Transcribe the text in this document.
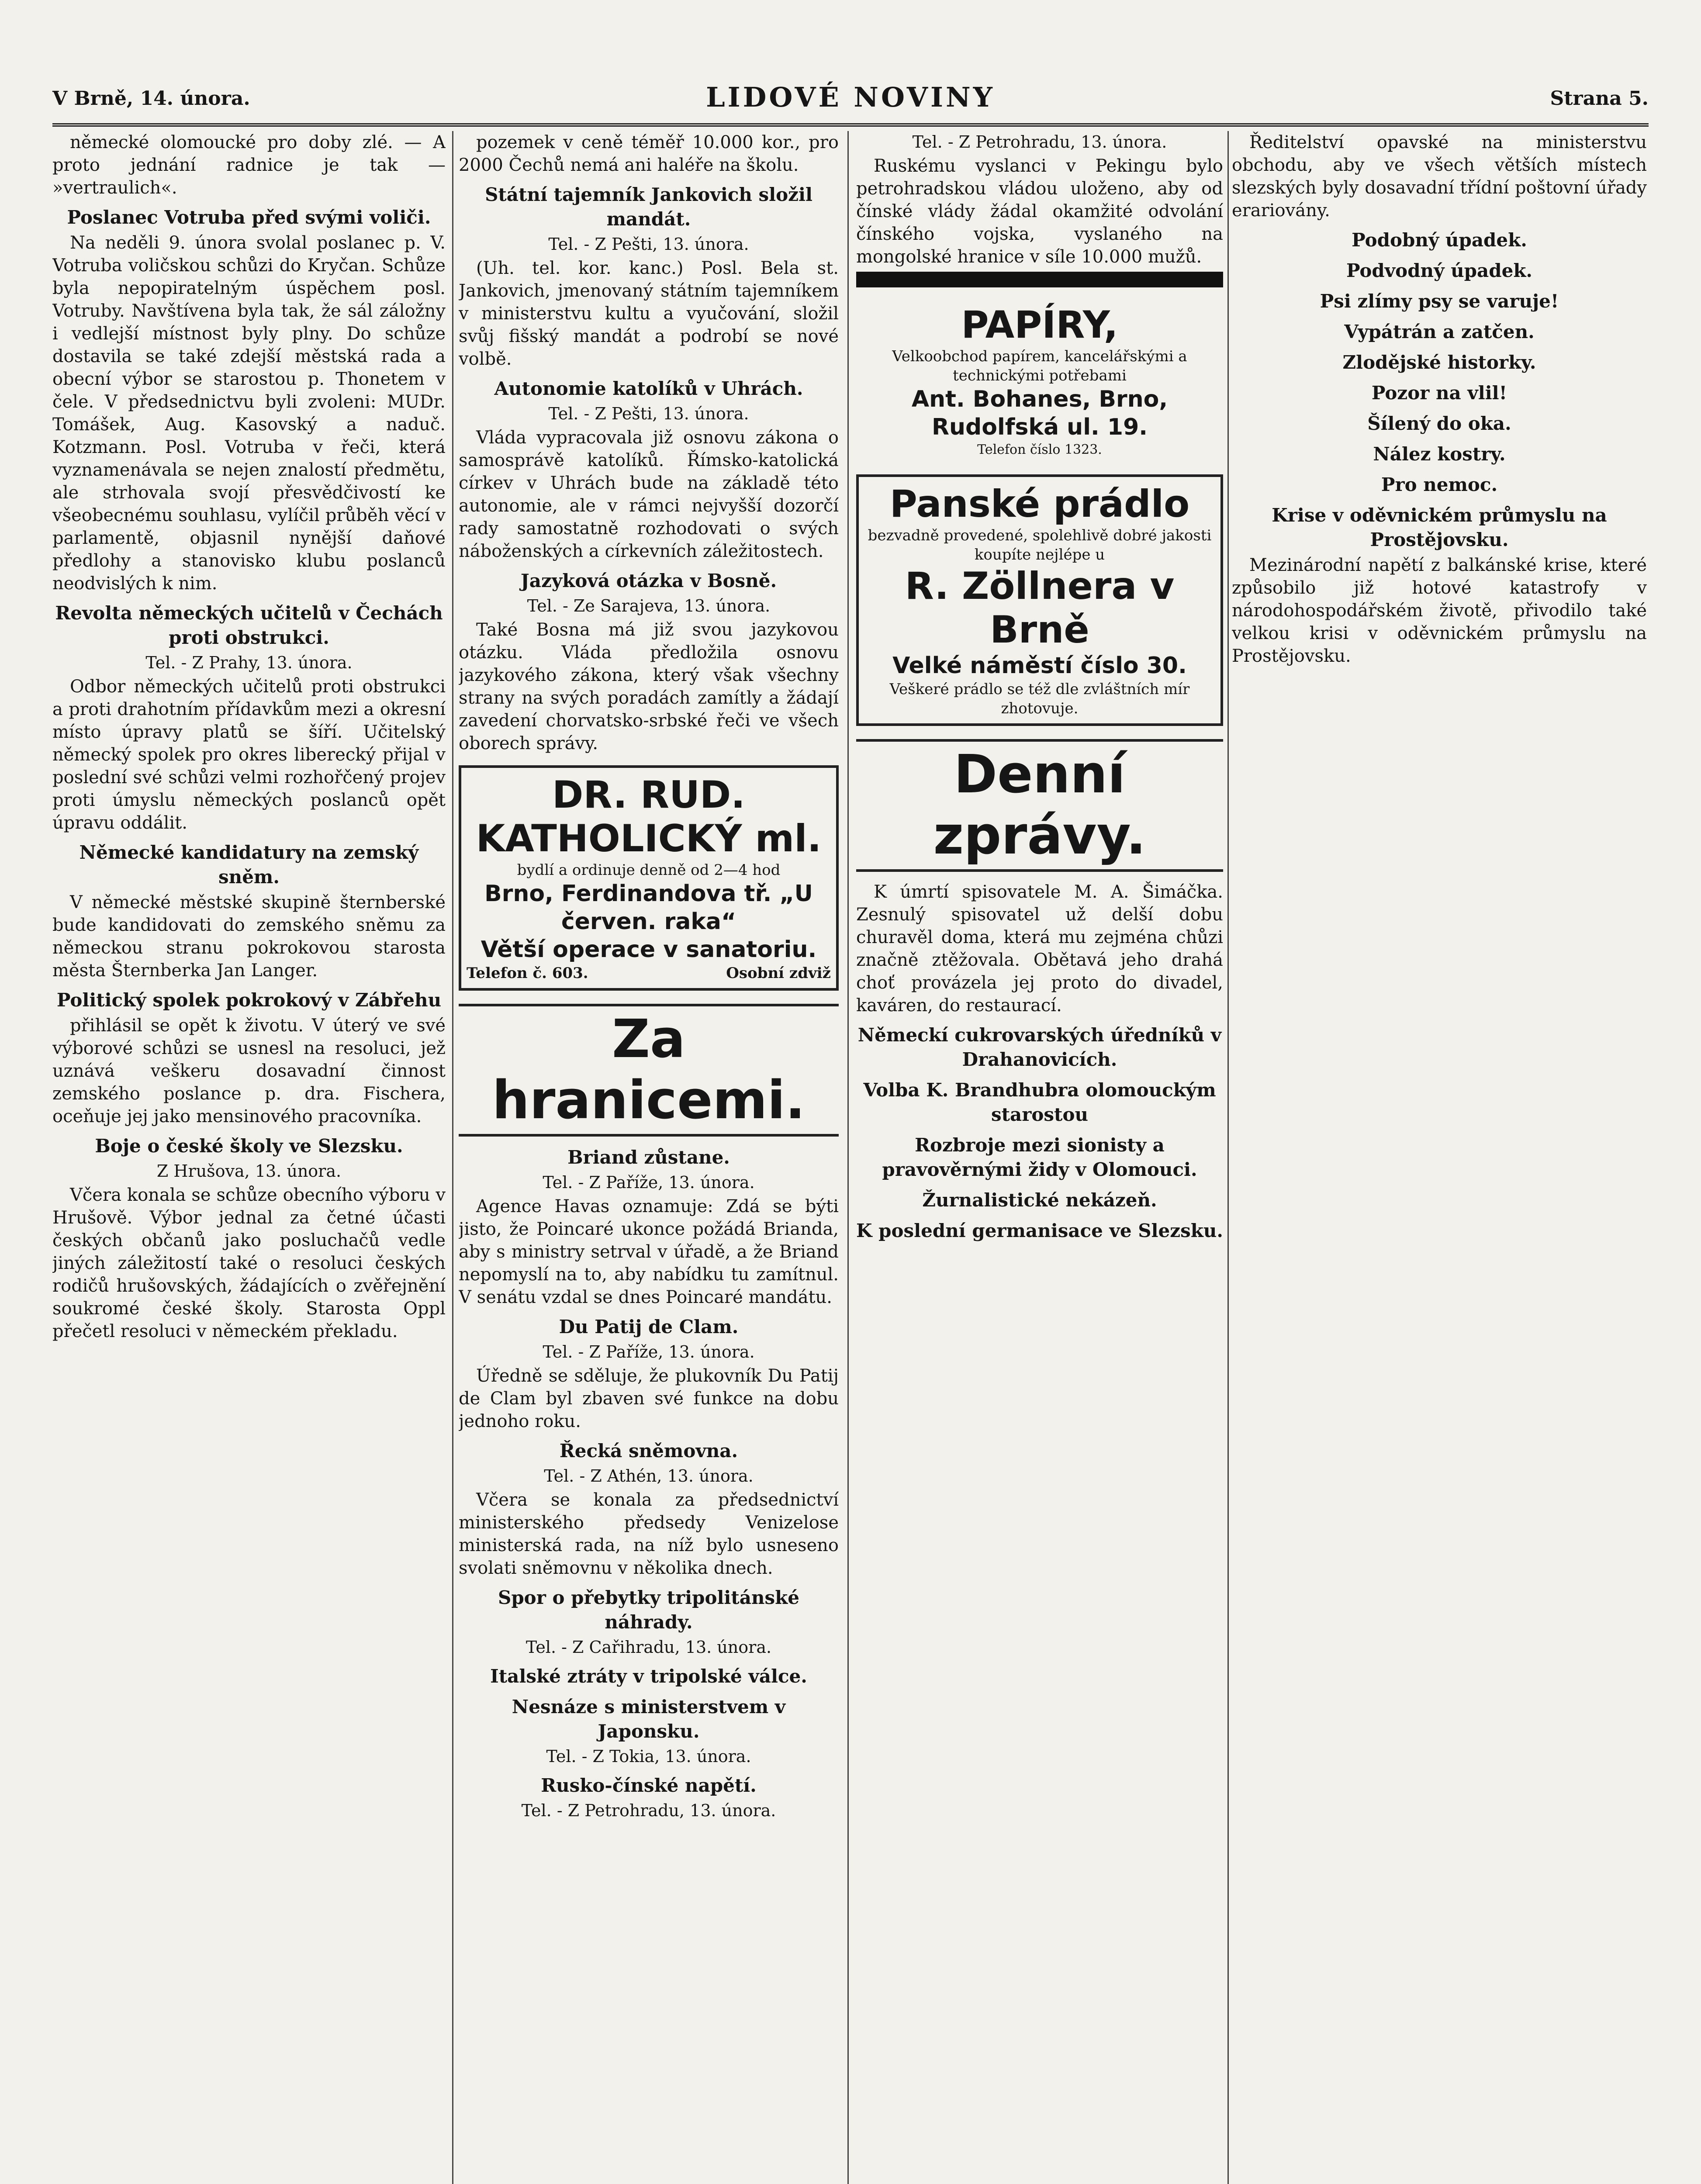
V Brně, 14. února.	LIDOVÉ NOVINY	Strana 5.

německé olomoucké pro doby zlé. — A proto jednání radnice je tak — »vertraulich«.

Poslanec Votruba před svými voliči.

Na neděli 9. února svolal poslanec p. V. Votruba voličskou schůzi do Kryčan. Schůze byla nepopiratelným úspěchem posl. Votruby. Navštívena byla tak, že sál záložny i vedlejší místnost byly plny. Do schůze dostavila se také zdejší městská rada a obecní výbor se starostou p. Thonetem v čele. V předsednictvu byli zvoleni: MUDr. Tomášek, Aug. Kasovský a naduč. Kotzmann. Posl. Votruba v řeči, která vyznamenávala se nejen znalostí předmětu, ale strhovala svojí přesvědčivostí ke všeobecnému souhlasu, vylíčil průběh věcí v parlamentě, objasnil nynější daňové předlohy a stanovisko klubu poslanců neodvislých k nim.

Revolta německých učitelů v Čechách proti obstrukci.
Tel. - Z Prahy, 13. února.

Odbor německých učitelů proti obstrukci a proti drahotním přídavkům mezi a okresní místo úpravy platů se šíří. Učitelský německý spolek pro okres liberecký přijal v poslední své schůzi velmi rozhořčený projev proti úmyslu německých poslanců opět úpravu oddálit.

Německé kandidatury na zemský sněm.

V německé městské skupině šternberské bude kandidovati do zemského sněmu za německou stranu pokrokovou starosta města Šternberka Jan Langer.

Politický spolek pokrokový v Zábřehu

přihlásil se opět k životu. V úterý ve své výborové schůzi se usnesl na resoluci, jež uznává veškeru dosavadní činnost zemského poslance p. dra. Fischera, oceňuje jej jako mensinového pracovníka.

Boje o české školy ve Slezsku.
Z Hrušova, 13. února.

Včera konala se schůze obecního výboru v Hrušově. Výbor jednal za četné účasti českých občanů jako posluchačů vedle jiných záležitostí také o resoluci českých rodičů hrušovských, žádajících o zvěřejnění soukromé české školy. Starosta Oppl přečetl resoluci v německém překladu.

pozemek v ceně téměř 10.000 kor., pro 2000 Čechů nemá ani haléře na školu.

Státní tajemník Jankovich složil mandát.
Tel. - Z Pešti, 13. února.

(Uh. tel. kor. kanc.) Posl. Bela st. Jankovich, jmenovaný státním tajemníkem v ministerstvu kultu a vyučování, složil svůj fišský mandát a podrobí se nové volbě.

Autonomie katolíků v Uhrách.
Tel. - Z Pešti, 13. února.

Vláda vypracovala již osnovu zákona o samosprávě katolíků. Římsko-katolická církev v Uhrách bude na základě této autonomie, ale v rámci nejvyšší dozorčí rady samostatně rozhodovati o svých náboženských a církevních záležitostech.

Jazyková otázka v Bosně.
Tel. - Ze Sarajeva, 13. února.

Také Bosna má již svou jazykovou otázku. Vláda předložila osnovu jazykového zákona, který však všechny strany na svých poradách zamítly a žádají zavedení chorvatsko-srbské řeči ve všech oborech správy.

DR. RUD. KATHOLICKÝ ml.
bydlí a ordinuje denně od 2—4 hod
Brno, Ferdinandova tř. „U červen. raka“
Větší operace v sanatoriu.
Telefon č. 603.	Osobní zdviž
Za hranicemi.
Briand zůstane.
Tel. - Z Paříže, 13. února.

Agence Havas oznamuje: Zdá se býti jisto, že Poincaré ukonce požádá Brianda, aby s ministry setrval v úřadě, a že Briand nepomyslí na to, aby nabídku tu zamítnul. V senátu vzdal se dnes Poincaré mandátu.

Du Patij de Clam.
Tel. - Z Paříže, 13. února.

Úředně se sděluje, že plukovník Du Patij de Clam byl zbaven své funkce na dobu jednoho roku.

Řecká sněmovna.
Tel. - Z Athén, 13. února.

Včera se konala za předsednictví ministerského předsedy Venizelose ministerská rada, na níž bylo usneseno svolati sněmovnu v několika dnech.

Spor o přebytky tripolitánské náhrady.
Tel. - Z Cařihradu, 13. února.
Italské ztráty v tripolské válce.
Nesnáze s ministerstvem v Japonsku.
Tel. - Z Tokia, 13. února.
Rusko-čínské napětí.
Tel. - Z Petrohradu, 13. února.
Tel. - Z Petrohradu, 13. února.

Ruskému vyslanci v Pekingu bylo petrohradskou vládou uloženo, aby od čínské vlády žádal okamžité odvolání čínského vojska, vyslaného na mongolské hranice v síle 10.000 mužů.

PAPÍRY,
Velkoobchod papírem, kancelářskými a technickými potřebami
Ant. Bohanes, Brno, Rudolfská ul. 19.
Telefon číslo 1323.
Panské prádlo
bezvadně provedené, spolehlivě dobré jakosti koupíte nejlépe u
R. Zöllnera v Brně
Velké náměstí číslo 30.
Veškeré prádlo se též dle zvláštních mír zhotovuje.
Denní zprávy.

K úmrtí spisovatele M. A. Šimáčka. Zesnulý spisovatel už delší dobu churavěl doma, která mu zejména chůzi značně ztěžovala. Obětavá jeho drahá choť provázela jej proto do divadel, kaváren, do restaurací.

Německí cukrovarských úředníků v Drahanovicích.
Volba K. Brandhubra olomouckým starostou
Rozbroje mezi sionisty a pravověrnými židy v Olomouci.
Žurnalistické nekázeň.
K poslední germanisace ve Slezsku.

Ředitelství opavské na ministerstvu obchodu, aby ve všech větších místech slezských byly dosavadní třídní poštovní úřady erariovány.

Podobný úpadek.
Podvodný úpadek.
Psi zlímy psy se varuje!
Vypátrán a zatčen.
Zlodějské historky.
Pozor na vlil!
Šílený do oka.
Nález kostry.
Pro nemoc.
Krise v oděvnickém průmyslu na Prostějovsku.

Mezinárodní napětí z balkánské krise, které způsobilo již hotové katastrofy v národohospodářském životě, přivodilo také velkou krisi v oděvnickém průmyslu na Prostějovsku.
